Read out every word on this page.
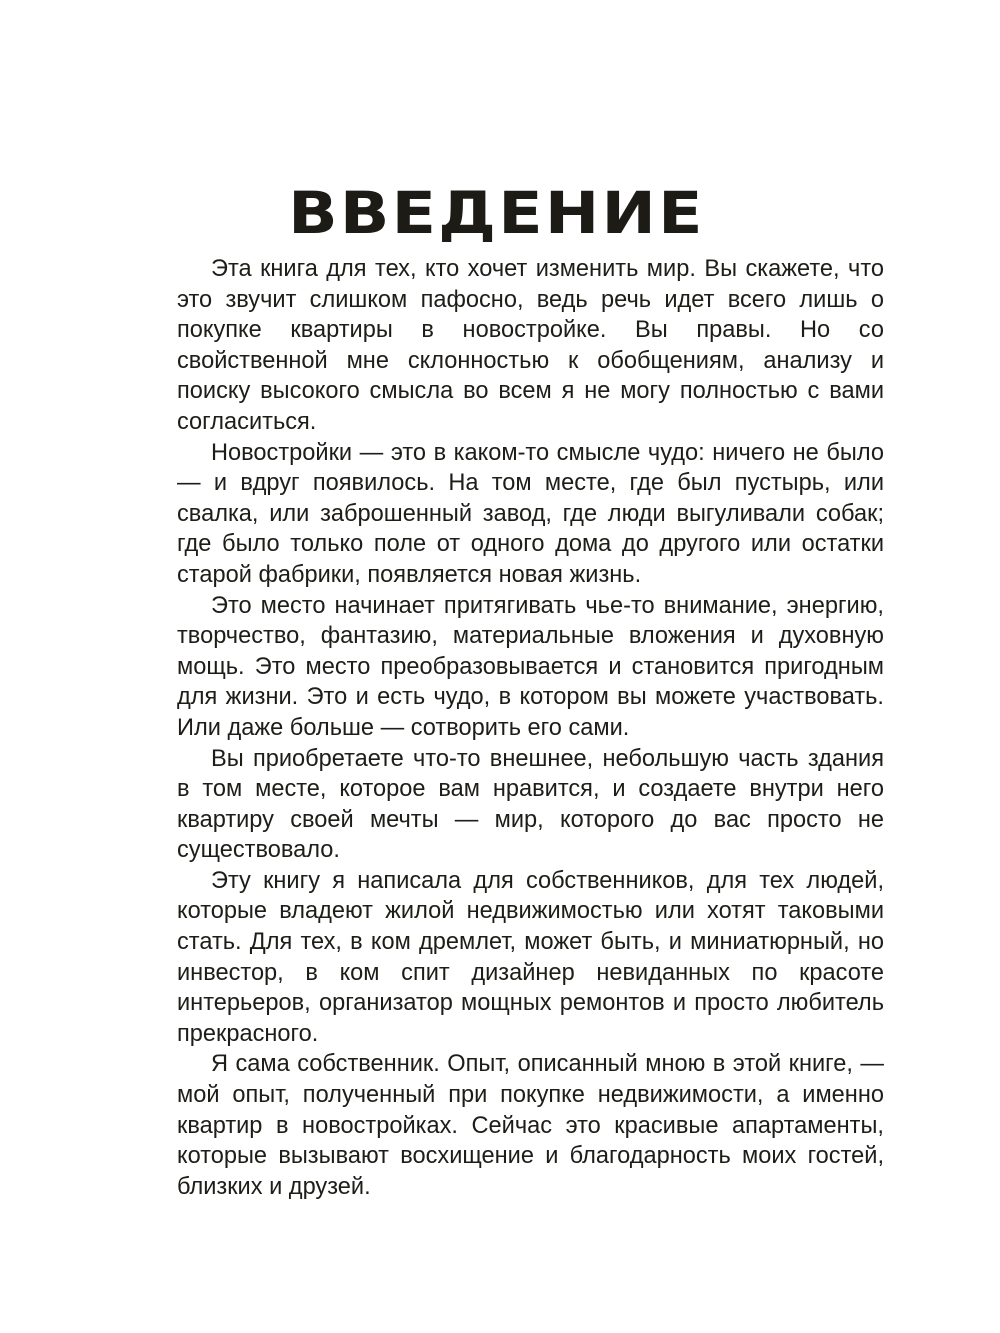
ВВЕДЕНИЕ

Эта книга для тех, кто хочет изменить мир. Вы скажете, что это звучит слишком пафосно, ведь речь идет всего лишь о покупке квартиры в новостройке. Вы правы. Но со свойственной мне склонностью к обобщениям, анализу и поиску высокого смысла во всем я не могу полностью с вами согласиться.

Новостройки — это в каком-то смысле чудо: ничего не было — и вдруг появилось. На том месте, где был пустырь, или свалка, или заброшенный завод, где люди выгуливали собак; где было только поле от одного дома до другого или остатки старой фабрики, появляется новая жизнь.

Это место начинает притягивать чье-то внимание, энергию, творчество, фантазию, материальные вложения и духовную мощь. Это место преобразовывается и становится пригодным для жизни. Это и есть чудо, в котором вы можете участвовать. Или даже больше — сотворить его сами.

Вы приобретаете что-то внешнее, небольшую часть здания в том месте, которое вам нравится, и создаете внутри него квартиру своей мечты — мир, которого до вас просто не существовало.

Эту книгу я написала для собственников, для тех людей, которые владеют жилой недвижимостью или хотят таковыми стать. Для тех, в ком дремлет, может быть, и миниатюрный, но инвестор, в ком спит дизайнер невиданных по красоте интерьеров, организатор мощных ремонтов и просто любитель прекрасного.

Я сама собственник. Опыт, описанный мною в этой книге, — мой опыт, полученный при покупке недвижимости, а именно квартир в новостройках. Сейчас это красивые апартаменты, которые вызывают восхищение и благодарность моих гостей, близких и друзей.
